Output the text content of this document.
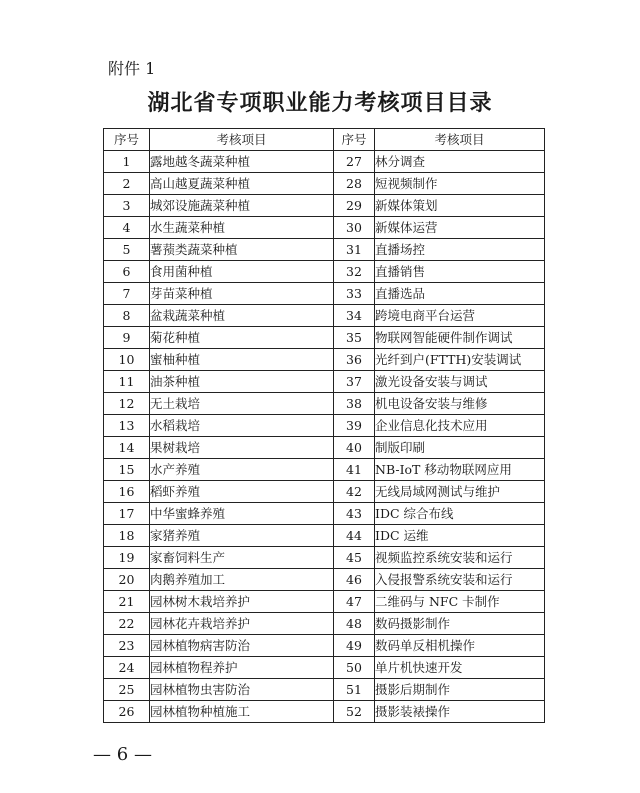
附件 1
湖北省专项职业能力考核项目目录
序号	考核项目	序号	考核项目
1	露地越冬蔬菜种植	27	林分调查
2	高山越夏蔬菜种植	28	短视频制作
3	城郊设施蔬菜种植	29	新媒体策划
4	水生蔬菜种植	30	新媒体运营
5	薯蓣类蔬菜种植	31	直播场控
6	食用菌种植	32	直播销售
7	芽苗菜种植	33	直播选品
8	盆栽蔬菜种植	34	跨境电商平台运营
9	菊花种植	35	物联网智能硬件制作调试
10	蜜柚种植	36	光纤到户(FTTH)安装调试
11	油茶种植	37	激光设备安装与调试
12	无土栽培	38	机电设备安装与维修
13	水稻栽培	39	企业信息化技术应用
14	果树栽培	40	制版印刷
15	水产养殖	41	NB-IoT 移动物联网应用
16	稻虾养殖	42	无线局域网测试与维护
17	中华蜜蜂养殖	43	IDC 综合布线
18	家猪养殖	44	IDC 运维
19	家畜饲料生产	45	视频监控系统安装和运行
20	肉鹅养殖加工	46	入侵报警系统安装和运行
21	园林树木栽培养护	47	二维码与 NFC 卡制作
22	园林花卉栽培养护	48	数码摄影制作
23	园林植物病害防治	49	数码单反相机操作
24	园林植物程养护	50	单片机快速开发
25	园林植物虫害防治	51	摄影后期制作
26	园林植物种植施工	52	摄影装裱操作
— 6 —
